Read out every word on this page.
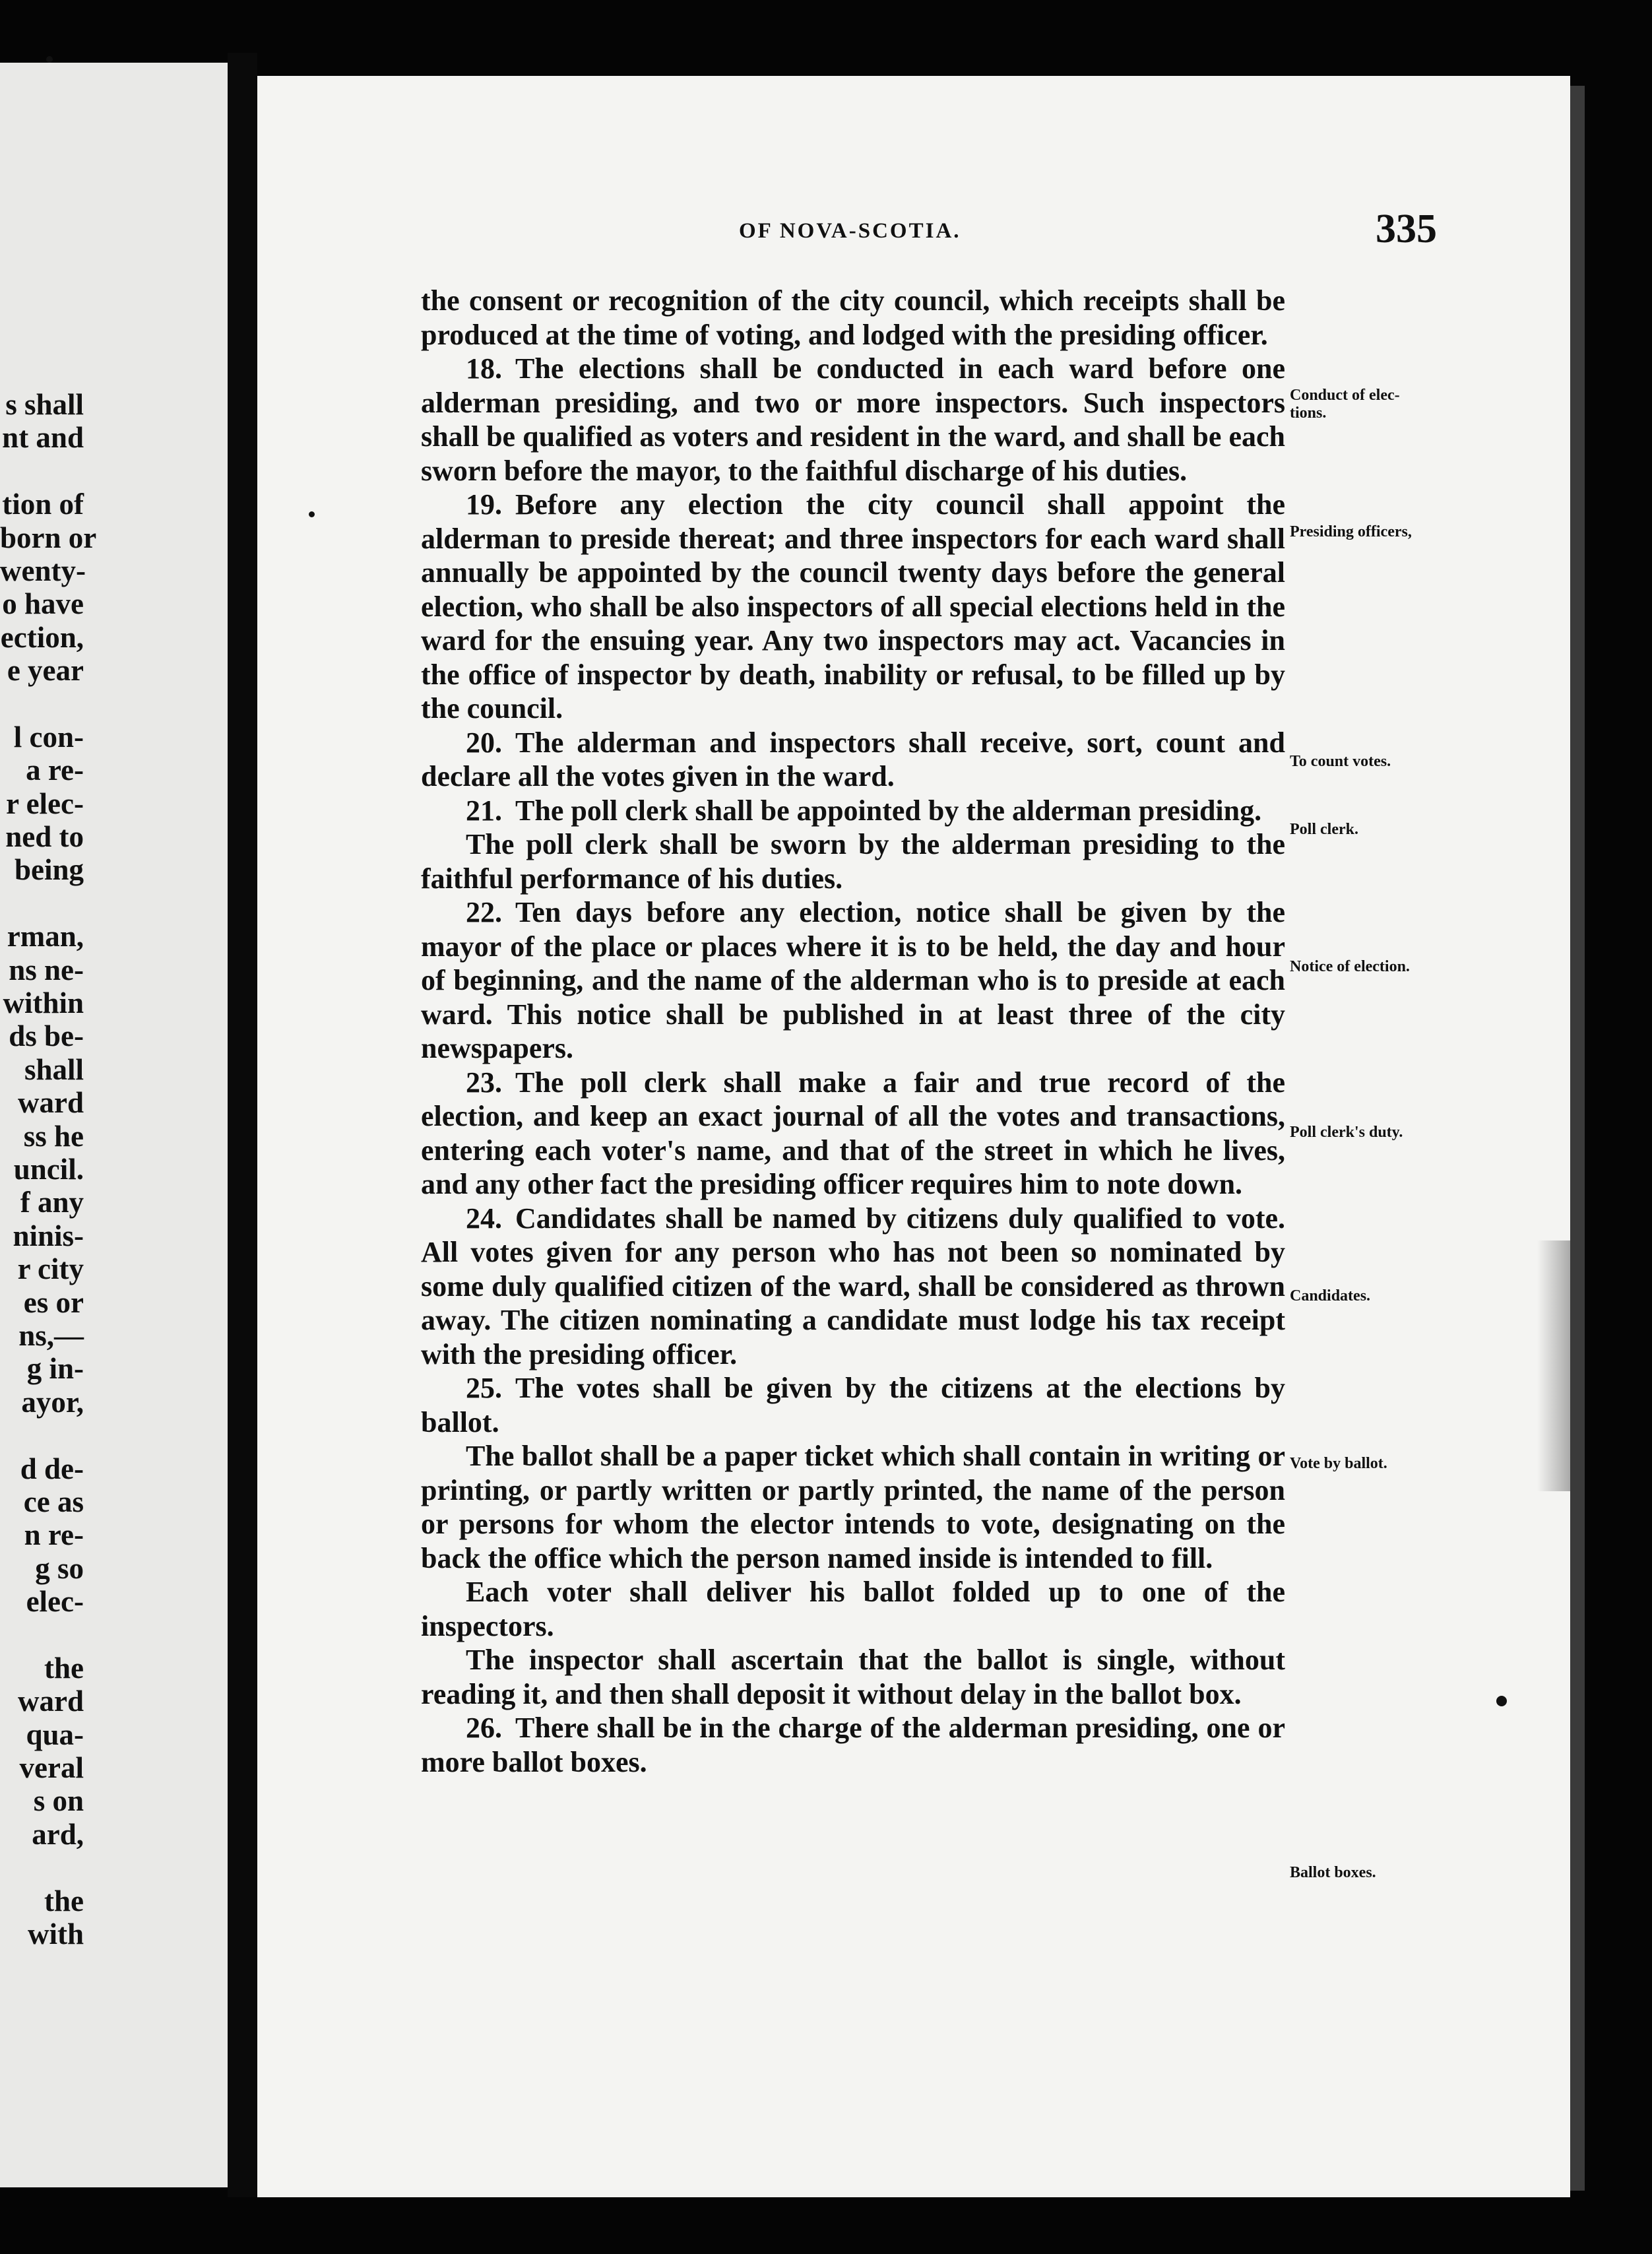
s shall
nt and
tion of
born or
wenty-
o have
ection,
e year
l con-
a re-
r elec-
ned to
being
rman,
ns ne-
within
ds be-
shall
ward
ss he
uncil.
f any
ninis-
r city
es or
ns,—
g in-
ayor,
d de-
ce as
n re-
g so
elec-
the
ward
qua-
veral
s on
ard,
the
with
OF NOVA-SCOTIA.	335

the consent or recognition of the city council, which receipts shall be produced at the time of voting, and lodged with the presiding officer.

18. The elections shall be conducted in each ward before one alderman presiding, and two or more inspectors. Such inspectors shall be qualified as voters and resident in the ward, and shall be each sworn before the mayor, to the faithful discharge of his duties.

19. Before any election the city council shall appoint the alderman to preside thereat; and three inspectors for each ward shall annually be appointed by the council twenty days before the general election, who shall be also inspectors of all special elections held in the ward for the ensuing year. Any two inspectors may act. Vacancies in the office of inspector by death, inability or refusal, to be filled up by the council.

20. The alderman and inspectors shall receive, sort, count and declare all the votes given in the ward.

21. The poll clerk shall be appointed by the alderman presiding.

The poll clerk shall be sworn by the alderman presiding to the faithful performance of his duties.

22. Ten days before any election, notice shall be given by the mayor of the place or places where it is to be held, the day and hour of beginning, and the name of the alderman who is to preside at each ward. This notice shall be published in at least three of the city newspapers.

23. The poll clerk shall make a fair and true record of the election, and keep an exact journal of all the votes and transactions, entering each voter's name, and that of the street in which he lives, and any other fact the presiding officer requires him to note down.

24. Candidates shall be named by citizens duly qualified to vote. All votes given for any person who has not been so nominated by some duly qualified citizen of the ward, shall be considered as thrown away. The citizen nominating a candidate must lodge his tax receipt with the presiding officer.

25. The votes shall be given by the citizens at the elections by ballot.

The ballot shall be a paper ticket which shall contain in writing or printing, or partly written or partly printed, the name of the person or persons for whom the elector intends to vote, designating on the back the office which the person named inside is intended to fill.

Each voter shall deliver his ballot folded up to one of the inspectors.

The inspector shall ascertain that the ballot is single, without reading it, and then shall deposit it without delay in the ballot box.

26. There shall be in the charge of the alderman presiding, one or more ballot boxes.

Conduct of elec-
tions.
Presiding officers,
To count votes.
Poll clerk.
Notice of election.
Poll clerk's duty.
Candidates.
Vote by ballot.
Ballot boxes.
